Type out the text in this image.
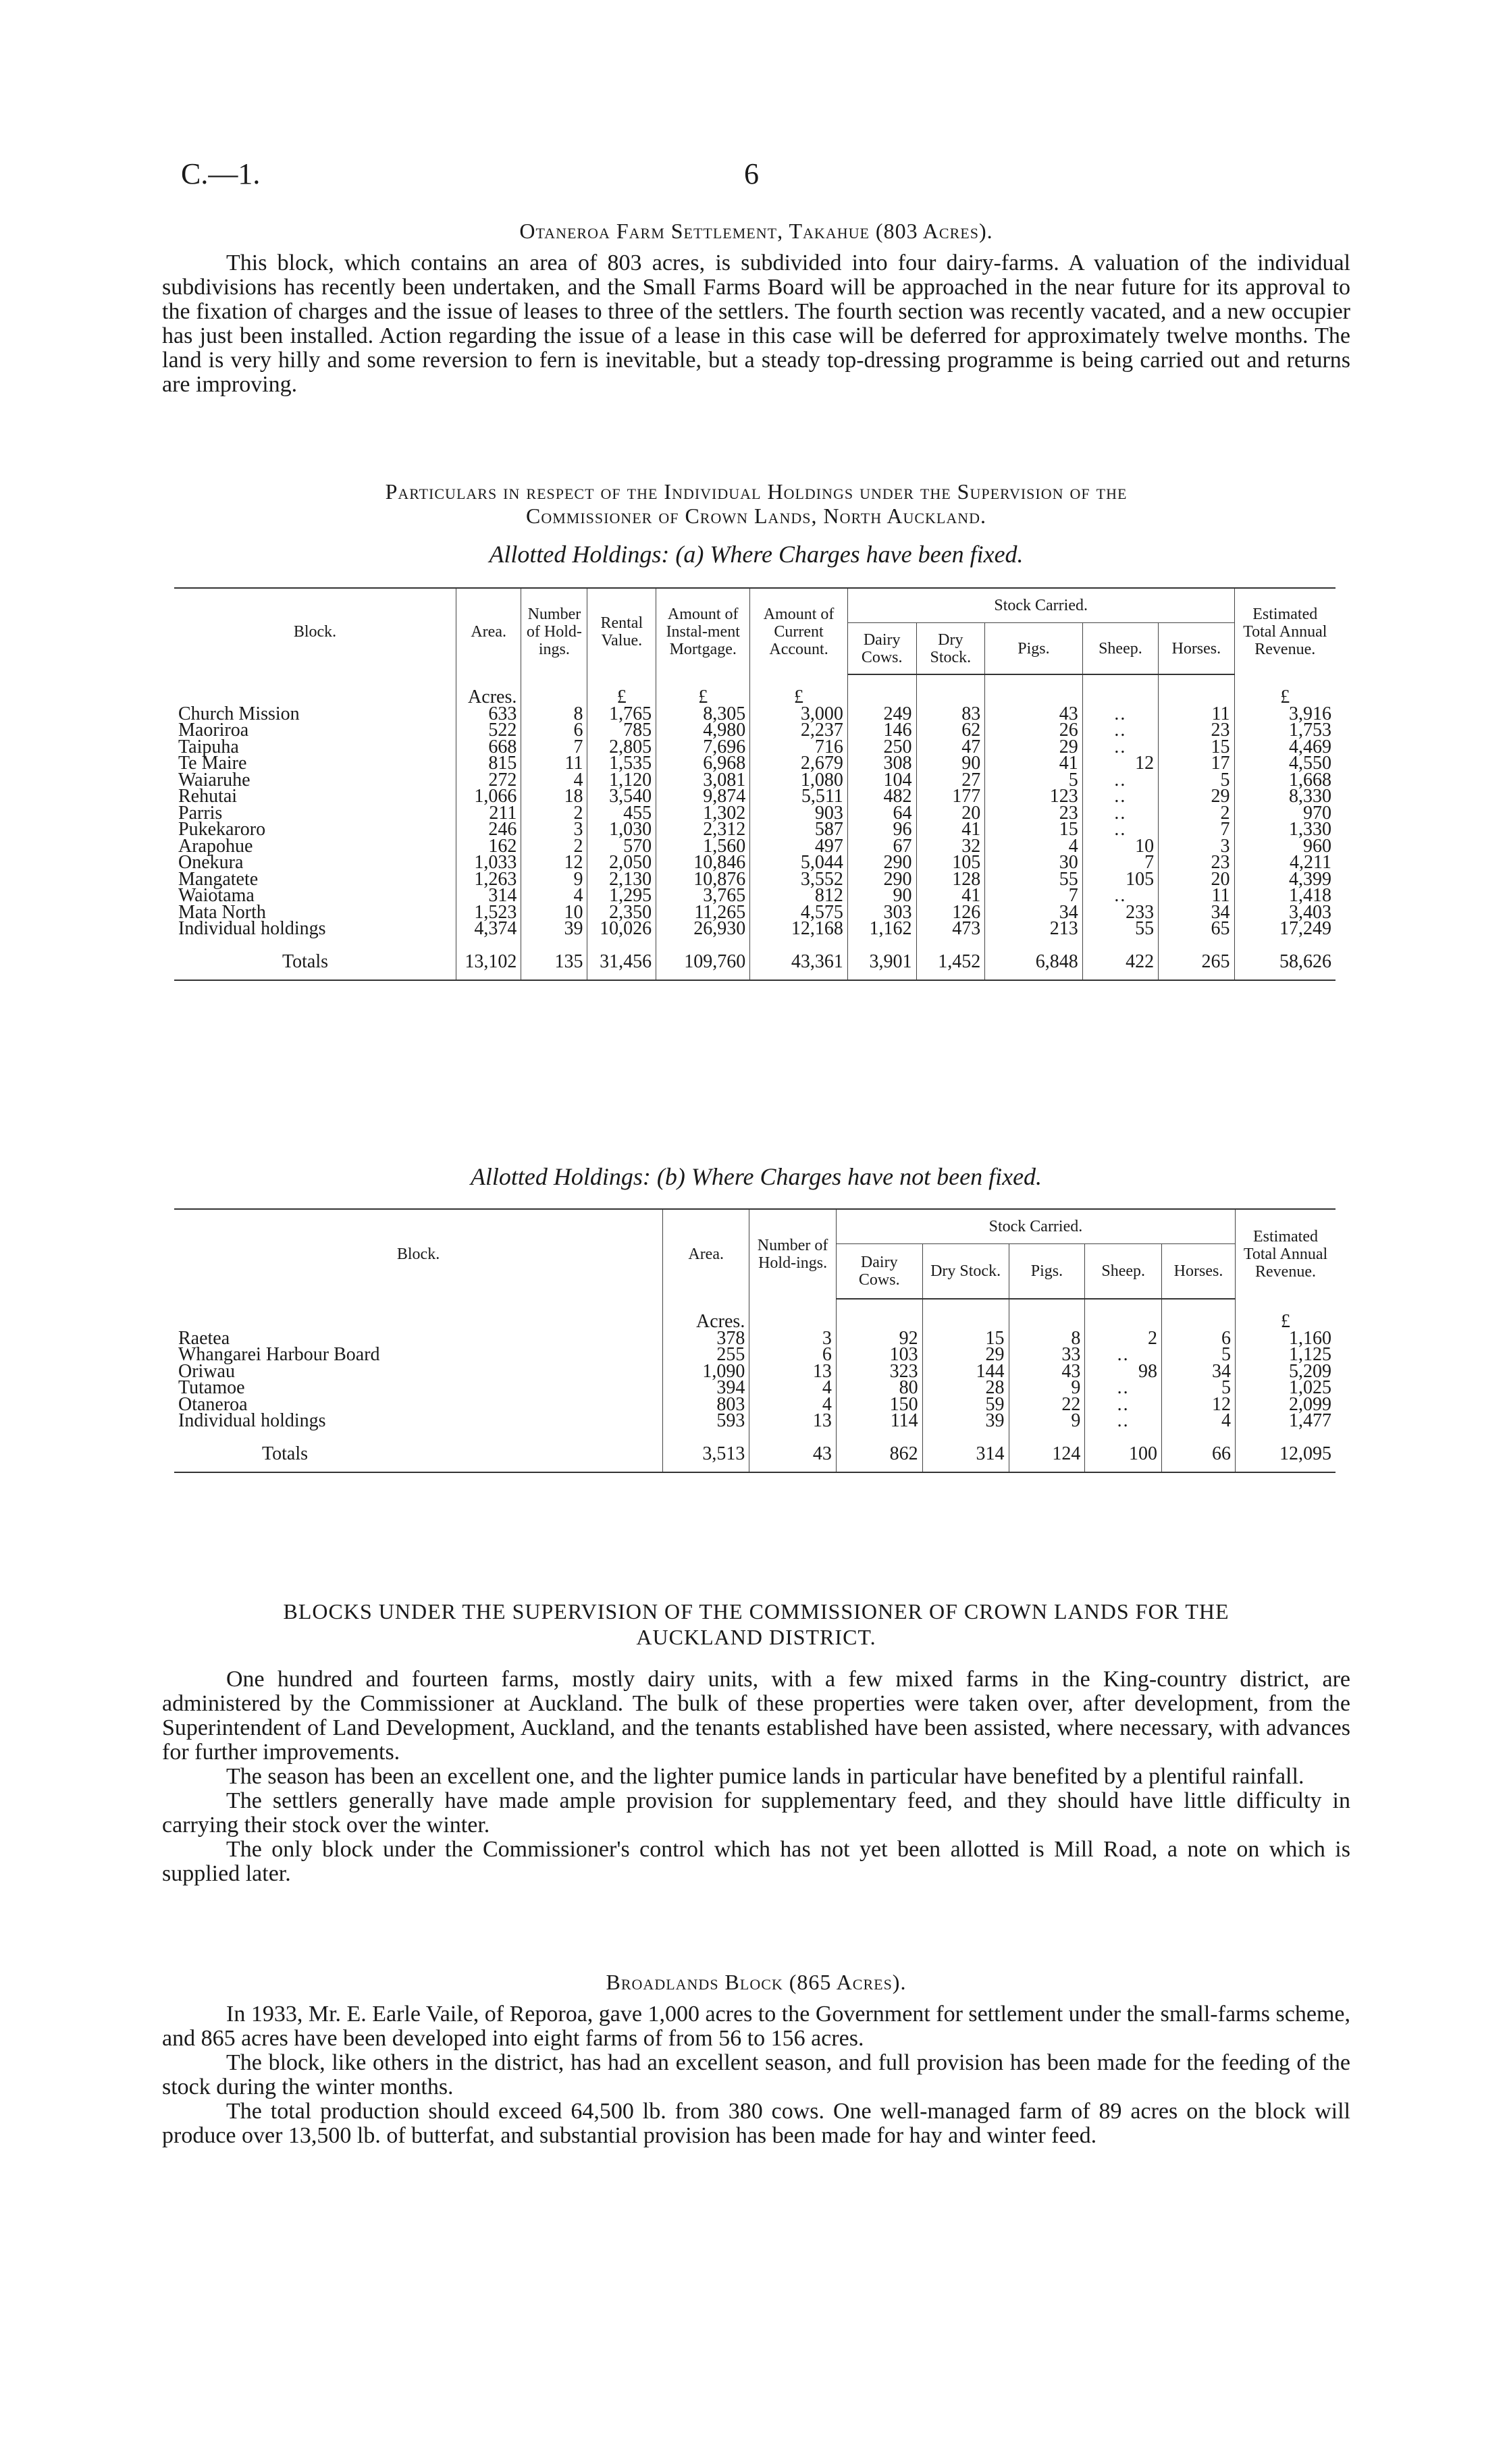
C.—1.	6
Otaneroa Farm Settlement, Takahue (803 Acres).

This block, which contains an area of 803 acres, is subdivided into four dairy-farms. A valuation of the individual subdivisions has recently been undertaken, and the Small Farms Board will be approached in the near future for its approval to the fixation of charges and the issue of leases to three of the settlers. The fourth section was recently vacated, and a new occupier has just been installed. Action regarding the issue of a lease in this case will be deferred for approximately twelve months. The land is very hilly and some reversion to fern is inevitable, but a steady top-dressing programme is being carried out and returns are improving.

Particulars in respect of the Individual Holdings under the Supervision of the
Commissioner of Crown Lands, North Auckland.
Allotted Holdings: (a) Where Charges have been fixed.
Block.	Area.	Number of Hold-ings.	Rental Value.	Amount of Instal-ment Mortgage.	Amount of Current Account.	Stock Carried.					Estimated Total Annual Revenue.
						Dairy Cows.	Dry Stock.	Pigs.	Sheep.	Horses.	
	Acres.		£	£	£						£
Church Mission	633	8	1,765	8,305	3,000	249	83	43	..	11	3,916
Maoriroa	522	6	785	4,980	2,237	146	62	26	..	23	1,753
Taipuha	668	7	2,805	7,696	716	250	47	29	..	15	4,469
Te Maire	815	11	1,535	6,968	2,679	308	90	41	12	17	4,550
Waiaruhe	272	4	1,120	3,081	1,080	104	27	5	..	5	1,668
Rehutai	1,066	18	3,540	9,874	5,511	482	177	123	..	29	8,330
Parris	211	2	455	1,302	903	64	20	23	..	2	970
Pukekaroro	246	3	1,030	2,312	587	96	41	15	..	7	1,330
Arapohue	162	2	570	1,560	497	67	32	4	10	3	960
Onekura	1,033	12	2,050	10,846	5,044	290	105	30	7	23	4,211
Mangatete	1,263	9	2,130	10,876	3,552	290	128	55	105	20	4,399
Waiotama	314	4	1,295	3,765	812	90	41	7	..	11	1,418
Mata North	1,523	10	2,350	11,265	4,575	303	126	34	233	34	3,403
Individual holdings	4,374	39	10,026	26,930	12,168	1,162	473	213	55	65	17,249

Totals	13,102	135	31,456	109,760	43,361	3,901	1,452	6,848	422	265	58,626
Allotted Holdings: (b) Where Charges have not been fixed.
Block.	Area.	Number of Hold-ings.	Stock Carried.					Estimated Total Annual Revenue.
			Dairy Cows.	Dry Stock.	Pigs.	Sheep.	Horses.	
	Acres.							£
Raetea	378	3	92	15	8	2	6	1,160
Whangarei Harbour Board	255	6	103	29	33	..	5	1,125
Oriwau	1,090	13	323	144	43	98	34	5,209
Tutamoe	394	4	80	28	9	..	5	1,025
Otaneroa	803	4	150	59	22	..	12	2,099
Individual holdings	593	13	114	39	9	..	4	1,477

Totals	3,513	43	862	314	124	100	66	12,095
BLOCKS UNDER THE SUPERVISION OF THE COMMISSIONER OF CROWN LANDS FOR THE
AUCKLAND DISTRICT.

One hundred and fourteen farms, mostly dairy units, with a few mixed farms in the King-country district, are administered by the Commissioner at Auckland. The bulk of these properties were taken over, after development, from the Superintendent of Land Development, Auckland, and the tenants established have been assisted, where necessary, with advances for further improvements.

The season has been an excellent one, and the lighter pumice lands in particular have benefited by a plentiful rainfall.

The settlers generally have made ample provision for supplementary feed, and they should have little difficulty in carrying their stock over the winter.

The only block under the Commissioner's control which has not yet been allotted is Mill Road, a note on which is supplied later.

Broadlands Block (865 Acres).

In 1933, Mr. E. Earle Vaile, of Reporoa, gave 1,000 acres to the Government for settlement under the small-farms scheme, and 865 acres have been developed into eight farms of from 56 to 156 acres.

The block, like others in the district, has had an excellent season, and full provision has been made for the feeding of the stock during the winter months.

The total production should exceed 64,500 lb. from 380 cows. One well-managed farm of 89 acres on the block will produce over 13,500 lb. of butterfat, and substantial provision has been made for hay and winter feed.
